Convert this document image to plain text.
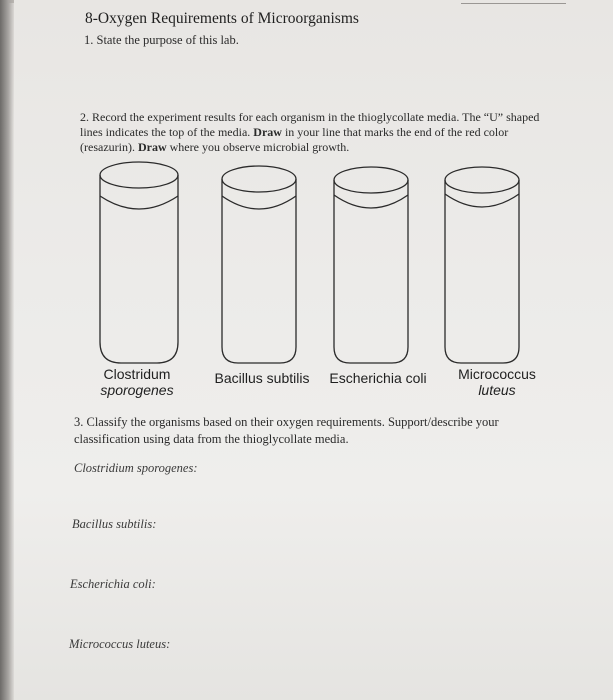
8-Oxygen Requirements of Microorganisms
1. State the purpose of this lab.
2. Record the experiment results for each organism in the thioglycollate media. The “U” shaped lines indicates the top of the media. Draw in your line that marks the end of the red color (resazurin). Draw where you observe microbial growth.
Clostridum
sporogenes
Bacillus subtilis	Escherichia coli	Micrococcus
luteus
3. Classify the organisms based on their oxygen requirements. Support/describe your classification using data from the thioglycollate media.
Clostridium sporogenes:
Bacillus subtilis:
Escherichia coli:
Micrococcus luteus:
